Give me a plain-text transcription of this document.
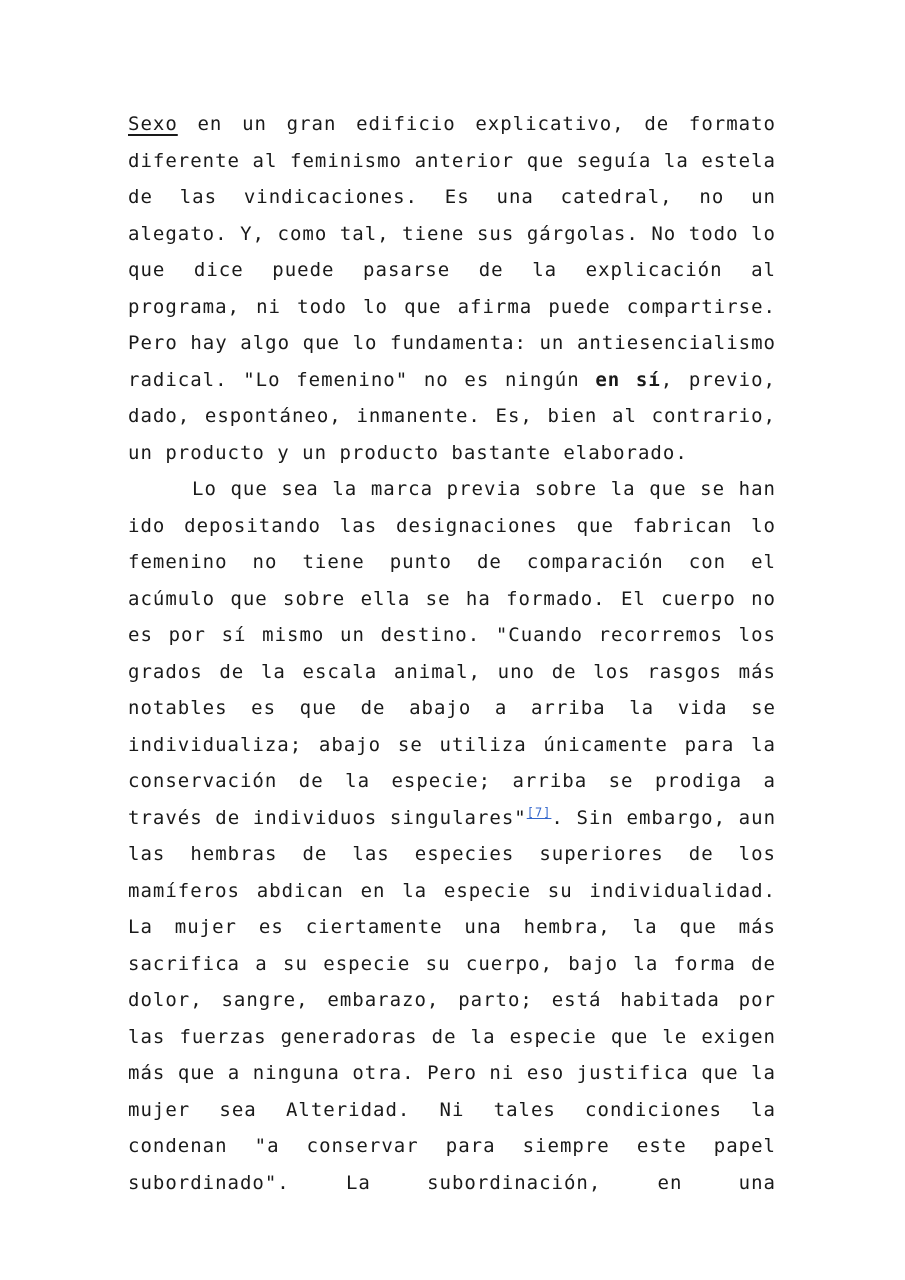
Sexo en un gran edificio explicativo, de formato diferente al feminismo anterior que seguía la estela de las vindicaciones. Es una catedral, no un alegato. Y, como tal, tiene sus gárgolas. No todo lo que dice puede pasarse de la explicación al programa, ni todo lo que afirma puede compartirse. Pero hay algo que lo fundamenta: un antiesencialismo radical. "Lo femenino" no es ningún en sí, previo, dado, espontáneo, inmanente. Es, bien al contrario, un producto y un producto bastante elaborado.

Lo que sea la marca previa sobre la que se han ido depositando las designaciones que fabrican lo femenino no tiene punto de comparación con el acúmulo que sobre ella se ha formado. El cuerpo no es por sí mismo un destino. "Cuando recorremos los grados de la escala animal, uno de los rasgos más notables es que de abajo a arriba la vida se individualiza; abajo se utiliza únicamente para la conservación de la especie; arriba se prodiga a través de individuos singulares"[7]. Sin embargo, aun las hembras de las especies superiores de los mamíferos abdican en la especie su individualidad. La mujer es ciertamente una hembra, la que más sacrifica a su especie su cuerpo, bajo la forma de dolor, sangre, embarazo, parto; está habitada por las fuerzas generadoras de la especie que le exigen más que a ninguna otra. Pero ni eso justifica que la mujer sea Alteridad. Ni tales condiciones la condenan "a conservar para siempre este papel subordinado". La subordinación, en una
